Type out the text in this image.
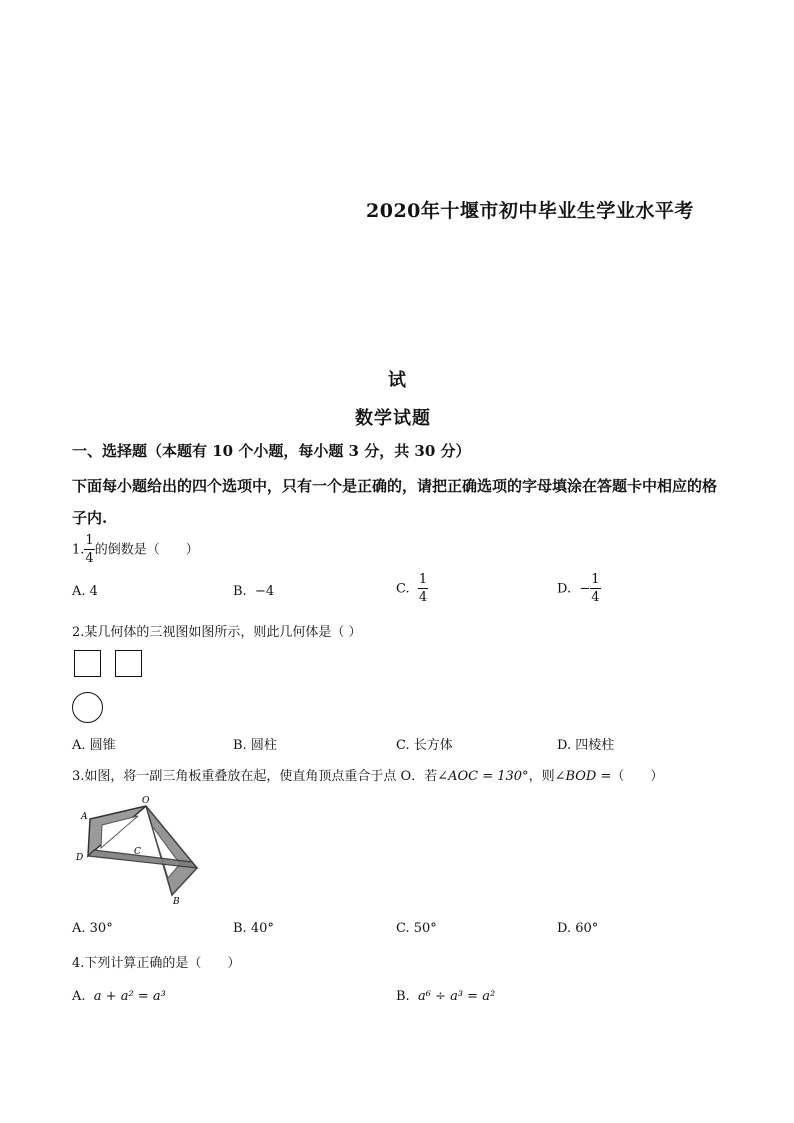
2020年十堰市初中毕业生学业水平考
试
数学试题
一、选择题（本题有 10 个小题，每小题 3 分，共 30 分）
下面每小题给出的四个选项中，只有一个是正确的，请把正确选项的字母填涂在答题卡中相应的格子内.
1. $\frac{1}{4}$ 的倒数是（　　）
A. 4	B. −4	C. $\frac{1}{4}$	D. − $\frac{1}{4}$
2.某几何体的三视图如图所示，则此几何体是（ ）
A. 圆锥	B. 圆柱	C. 长方体	D. 四棱柱
3.如图，将一副三角板重叠放在起，使直角顶点重合于点 O．若∠AOC = 130°，则∠BOD =（　　）
O
A
D
C
B
A. 30°	B. 40°	C. 50°	D. 60°
4.下列计算正确的是（　　）
A. a + a² = a³	B. a⁶ ÷ a³ = a²
